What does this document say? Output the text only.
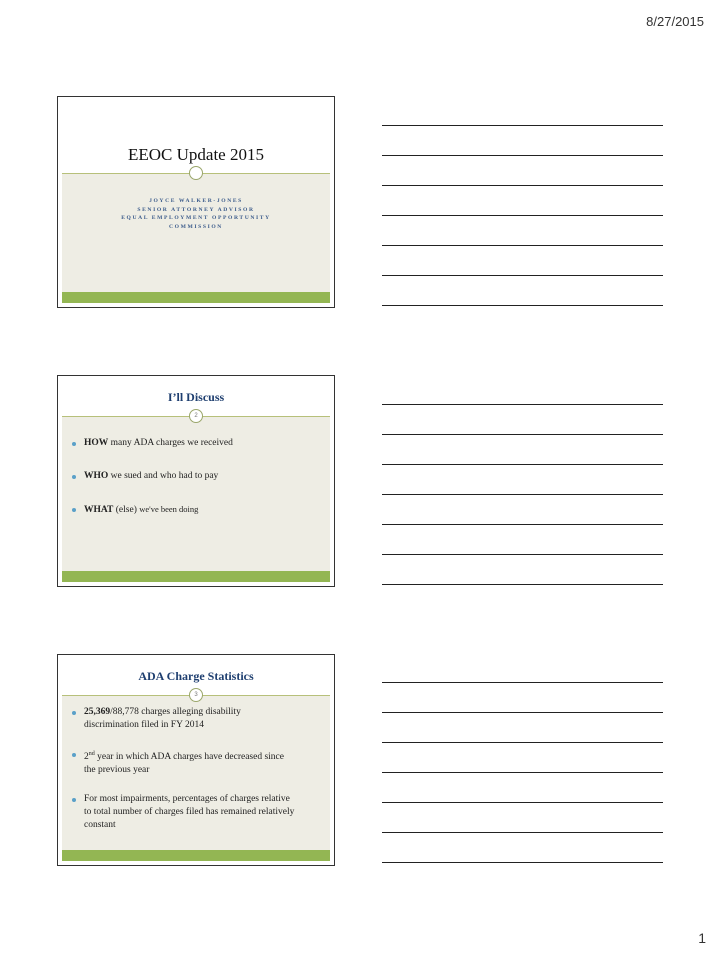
8/27/2015
EEOC Update 2015
JOYCE WALKER-JONES
SENIOR ATTORNEY ADVISOR
EQUAL EMPLOYMENT OPPORTUNITY
COMMISSION
I’ll Discuss
2
HOW many ADA charges we received
WHO we sued and who had to pay
WHAT (else) we've been doing
ADA Charge Statistics
3
25,369/88,778 charges alleging disability discrimination filed in FY 2014
2nd year in which ADA charges have decreased since the previous year
For most impairments, percentages of charges relative to total number of charges filed has remained relatively constant
1
